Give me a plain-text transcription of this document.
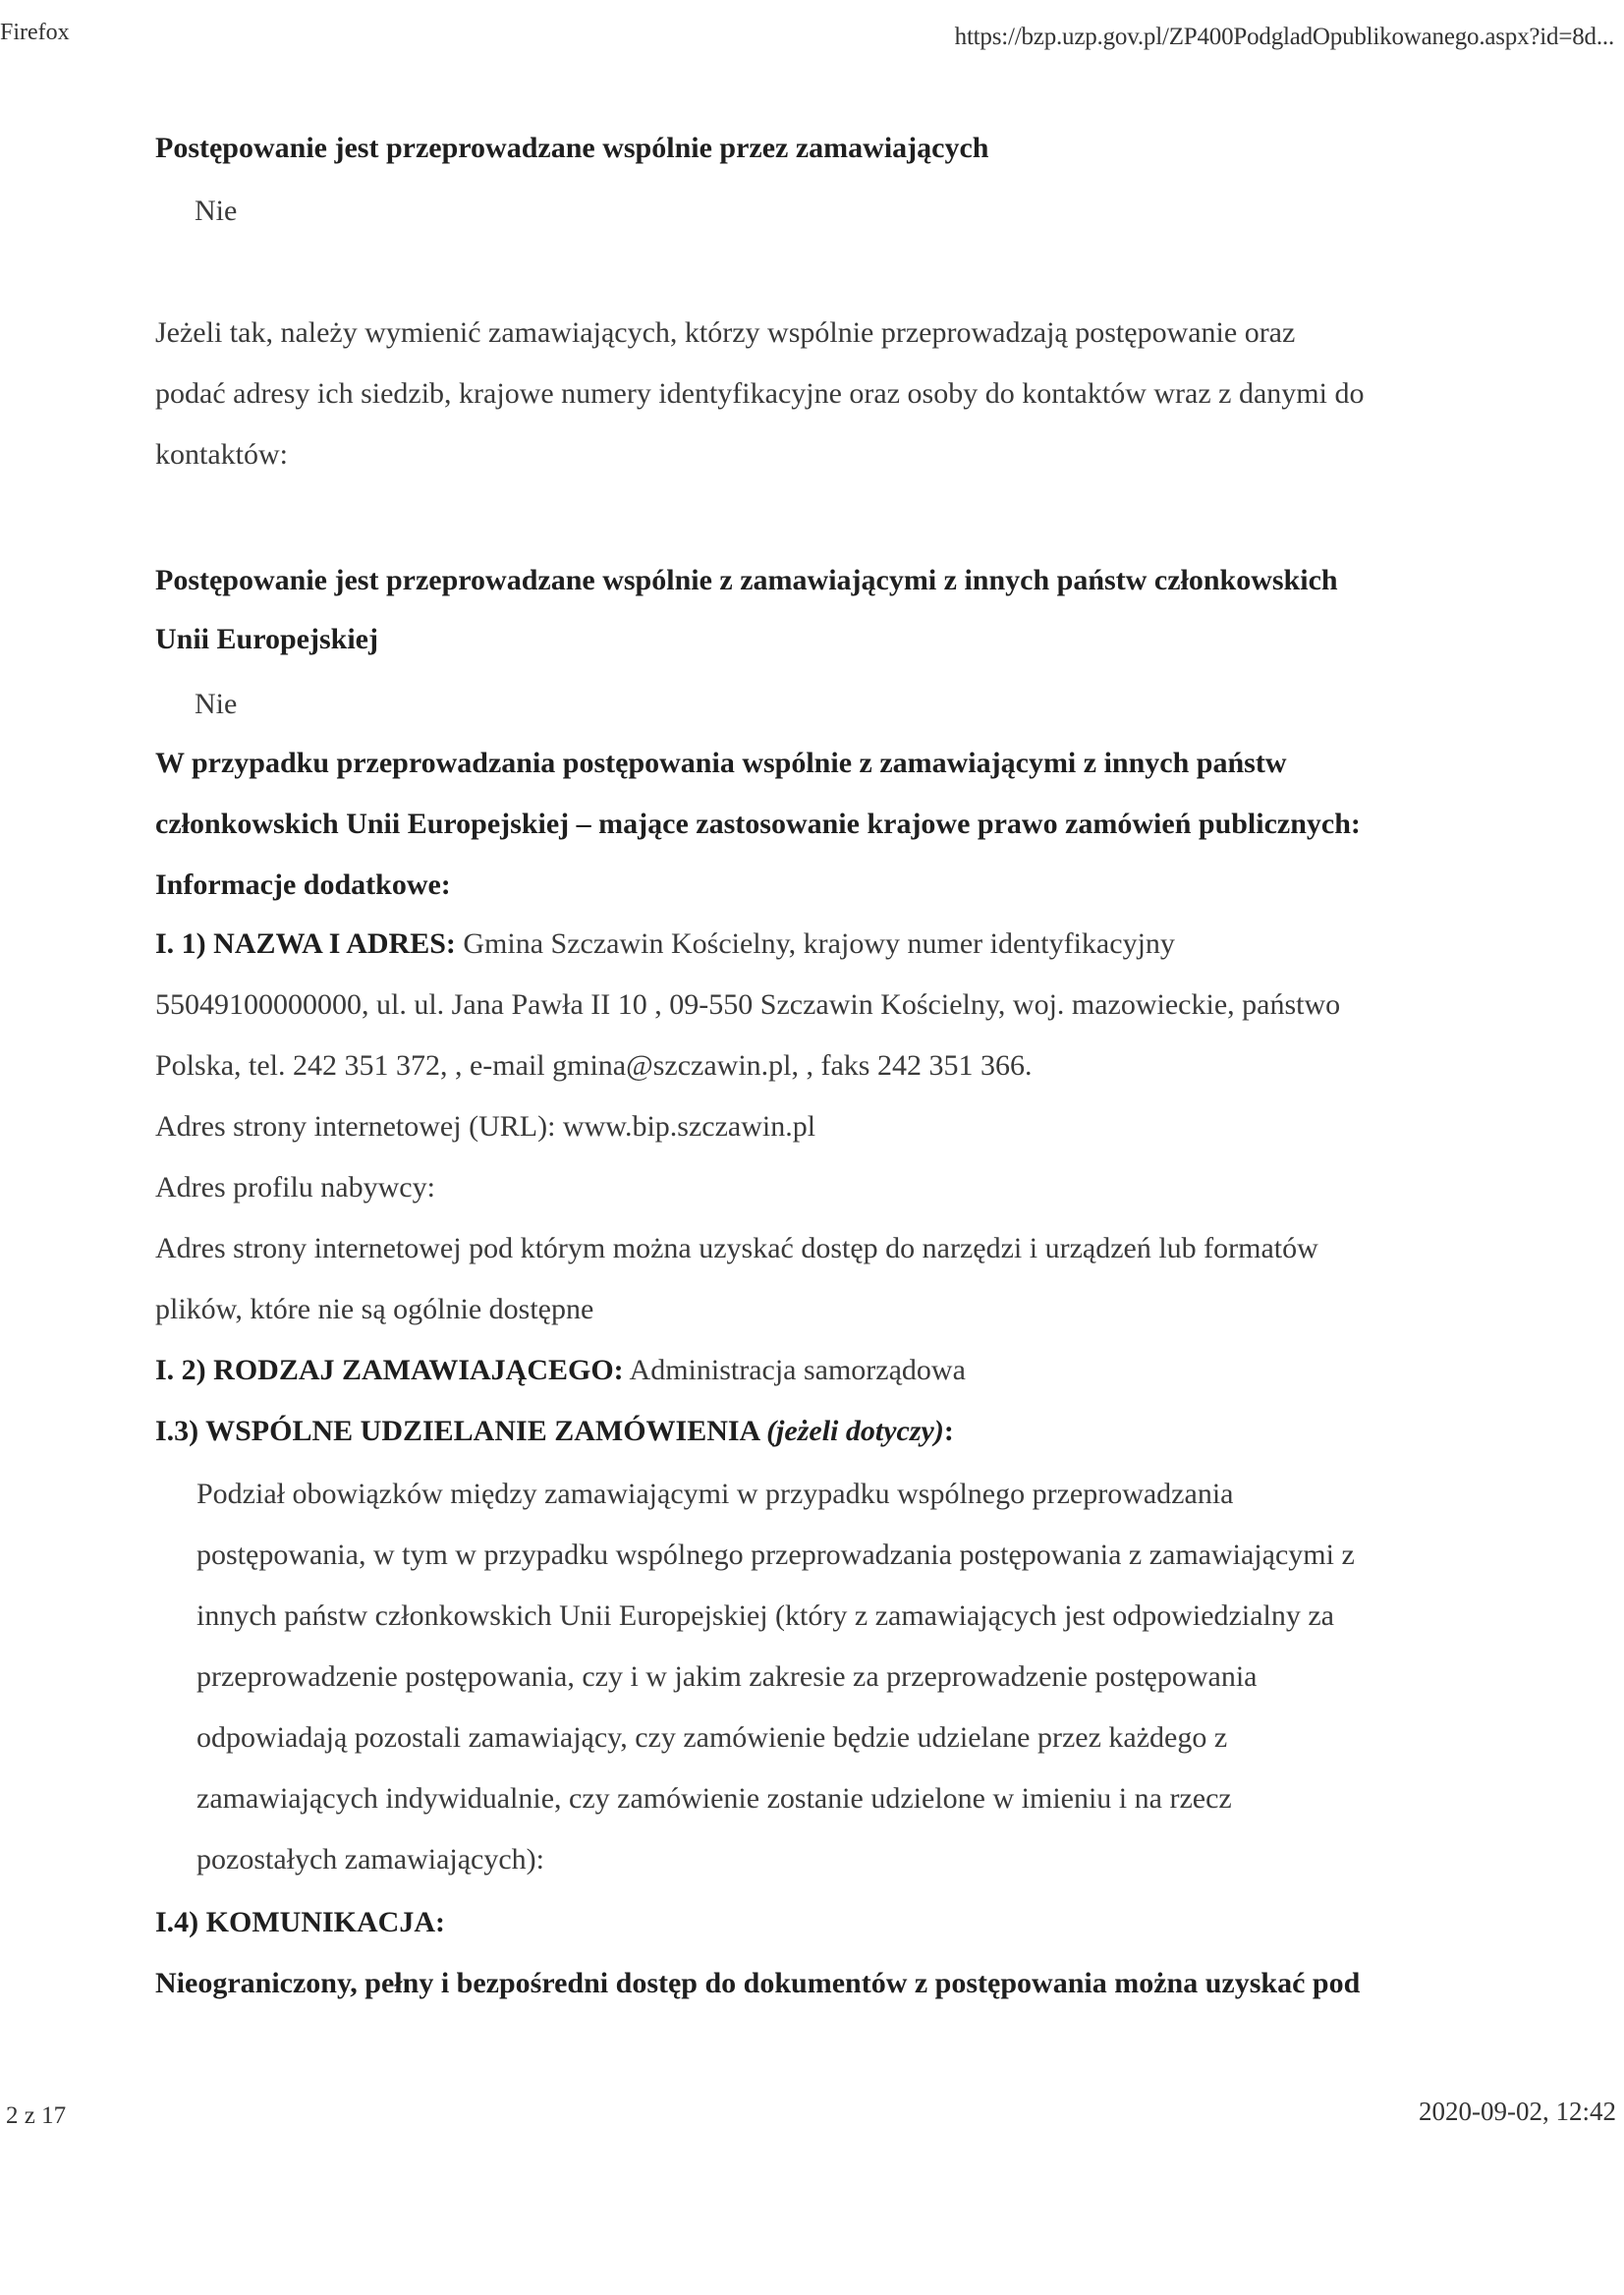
Firefox	https://bzp.uzp.gov.pl/ZP400PodgladOpublikowanego.aspx?id=8d...
Postępowanie jest przeprowadzane wspólnie przez zamawiających
Nie
Jeżeli tak, należy wymienić zamawiających, którzy wspólnie przeprowadzają postępowanie oraz
podać adresy ich siedzib, krajowe numery identyfikacyjne oraz osoby do kontaktów wraz z danymi do
kontaktów:
Postępowanie jest przeprowadzane wspólnie z zamawiającymi z innych państw członkowskich
Unii Europejskiej
Nie
W przypadku przeprowadzania postępowania wspólnie z zamawiającymi z innych państw
członkowskich Unii Europejskiej – mające zastosowanie krajowe prawo zamówień publicznych:
Informacje dodatkowe:
I. 1) NAZWA I ADRES: Gmina Szczawin Kościelny, krajowy numer identyfikacyjny
55049100000000, ul. ul. Jana Pawła II 10 , 09-550 Szczawin Kościelny, woj. mazowieckie, państwo
Polska, tel. 242 351 372, , e-mail gmina@szczawin.pl, , faks 242 351 366.
Adres strony internetowej (URL): www.bip.szczawin.pl
Adres profilu nabywcy:
Adres strony internetowej pod którym można uzyskać dostęp do narzędzi i urządzeń lub formatów
plików, które nie są ogólnie dostępne
I. 2) RODZAJ ZAMAWIAJĄCEGO: Administracja samorządowa
I.3) WSPÓLNE UDZIELANIE ZAMÓWIENIA (jeżeli dotyczy):
Podział obowiązków między zamawiającymi w przypadku wspólnego przeprowadzania
postępowania, w tym w przypadku wspólnego przeprowadzania postępowania z zamawiającymi z
innych państw członkowskich Unii Europejskiej (który z zamawiających jest odpowiedzialny za
przeprowadzenie postępowania, czy i w jakim zakresie za przeprowadzenie postępowania
odpowiadają pozostali zamawiający, czy zamówienie będzie udzielane przez każdego z
zamawiających indywidualnie, czy zamówienie zostanie udzielone w imieniu i na rzecz
pozostałych zamawiających):
I.4) KOMUNIKACJA:
Nieograniczony, pełny i bezpośredni dostęp do dokumentów z postępowania można uzyskać pod
2 z 17	2020-09-02, 12:42
